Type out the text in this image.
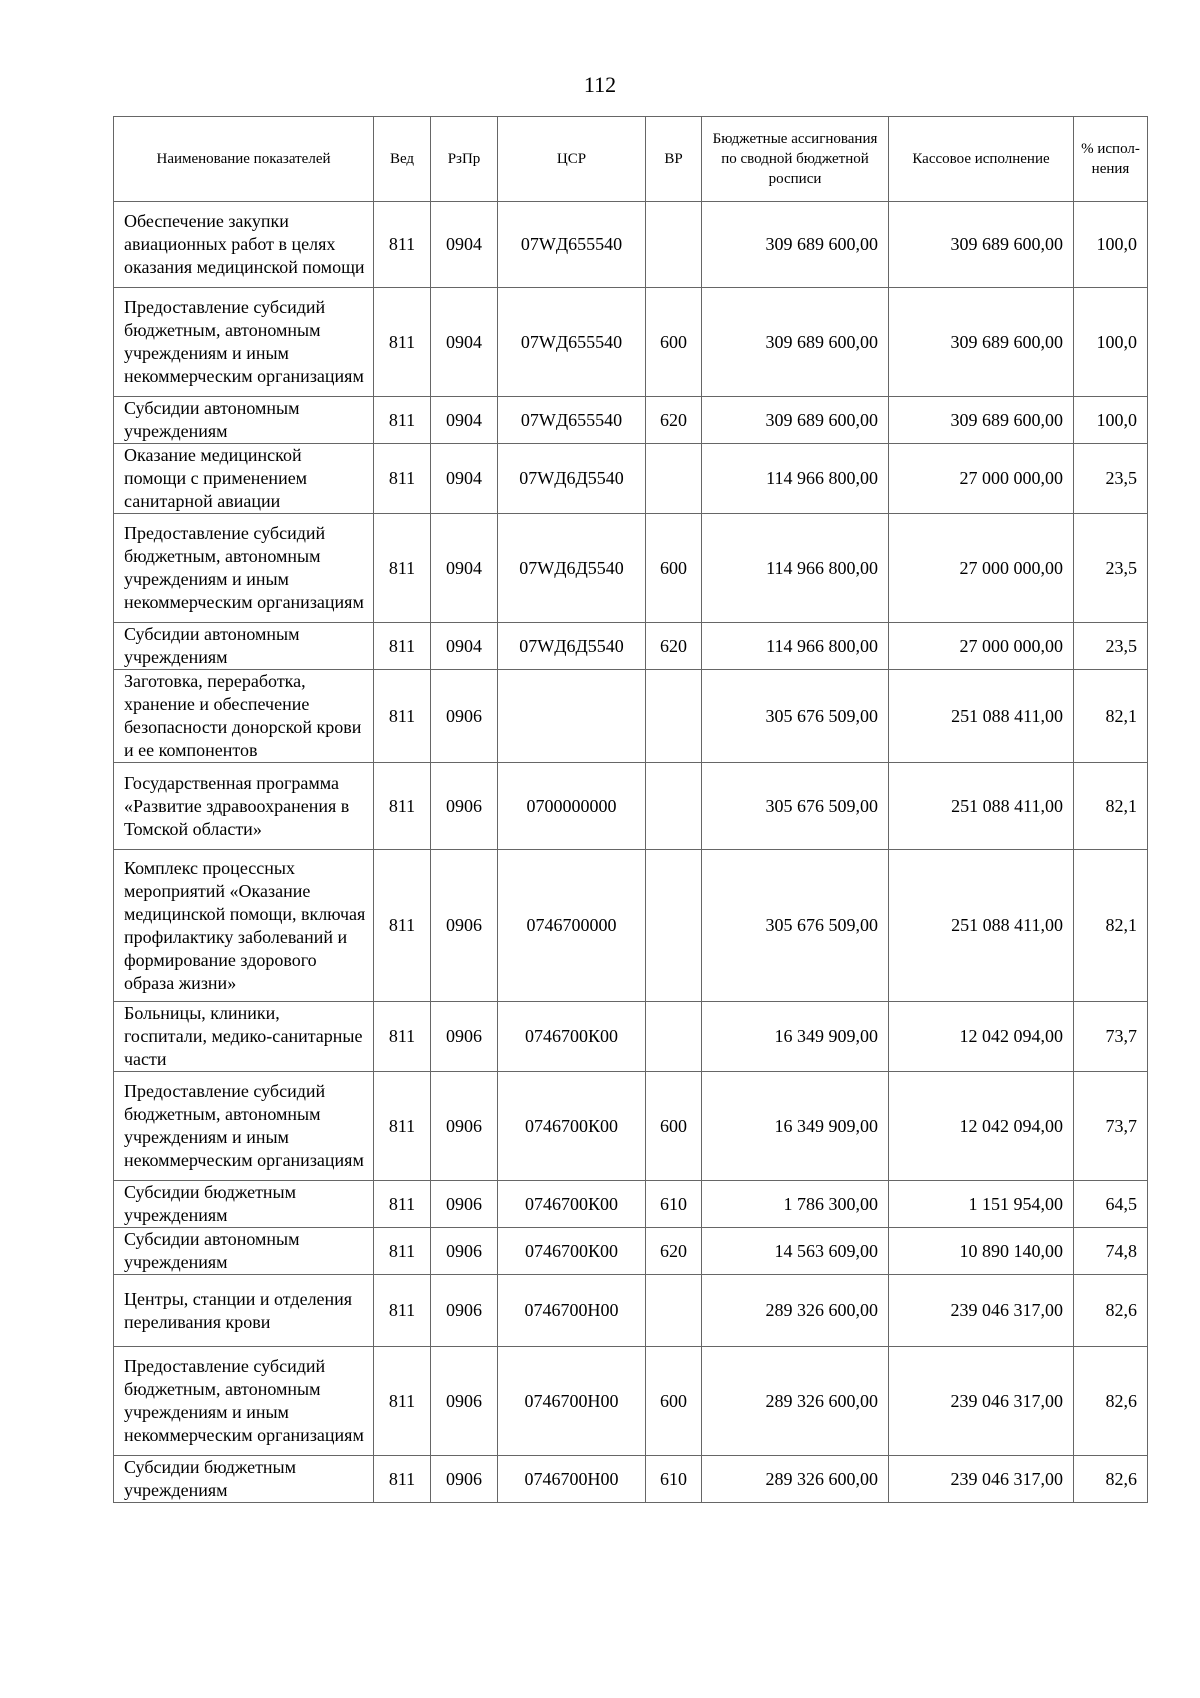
112
Наименование показателей	Вед	РзПр	ЦСР	ВР	Бюджетные ассигнования по сводной бюджетной росписи	Кассовое исполнение	% испол-нения
Обеспечение закупки авиационных работ в целях оказания медицинской помощи	811	0904	07WД655540		309 689 600,00	309 689 600,00	100,0
Предоставление субсидий бюджетным, автономным учреждениям и иным некоммерческим организациям	811	0904	07WД655540	600	309 689 600,00	309 689 600,00	100,0
Субсидии автономным учреждениям	811	0904	07WД655540	620	309 689 600,00	309 689 600,00	100,0
Оказание медицинской помощи с применением санитарной авиации	811	0904	07WД6Д5540		114 966 800,00	27 000 000,00	23,5
Предоставление субсидий бюджетным, автономным учреждениям и иным некоммерческим организациям	811	0904	07WД6Д5540	600	114 966 800,00	27 000 000,00	23,5
Субсидии автономным учреждениям	811	0904	07WД6Д5540	620	114 966 800,00	27 000 000,00	23,5
Заготовка, переработка, хранение и обеспечение безопасности донорской крови и ее компонентов	811	0906			305 676 509,00	251 088 411,00	82,1
Государственная программа «Развитие здравоохранения в Томской области»	811	0906	0700000000		305 676 509,00	251 088 411,00	82,1
Комплекс процессных мероприятий «Оказание медицинской помощи, включая профилактику заболеваний и формирование здорового образа жизни»	811	0906	0746700000		305 676 509,00	251 088 411,00	82,1
Больницы, клиники, госпитали, медико-санитарные части	811	0906	0746700К00		16 349 909,00	12 042 094,00	73,7
Предоставление субсидий бюджетным, автономным учреждениям и иным некоммерческим организациям	811	0906	0746700К00	600	16 349 909,00	12 042 094,00	73,7
Субсидии бюджетным учреждениям	811	0906	0746700К00	610	1 786 300,00	1 151 954,00	64,5
Субсидии автономным учреждениям	811	0906	0746700К00	620	14 563 609,00	10 890 140,00	74,8
Центры, станции и отделения переливания крови	811	0906	0746700Н00		289 326 600,00	239 046 317,00	82,6
Предоставление субсидий бюджетным, автономным учреждениям и иным некоммерческим организациям	811	0906	0746700Н00	600	289 326 600,00	239 046 317,00	82,6
Субсидии бюджетным учреждениям	811	0906	0746700Н00	610	289 326 600,00	239 046 317,00	82,6
